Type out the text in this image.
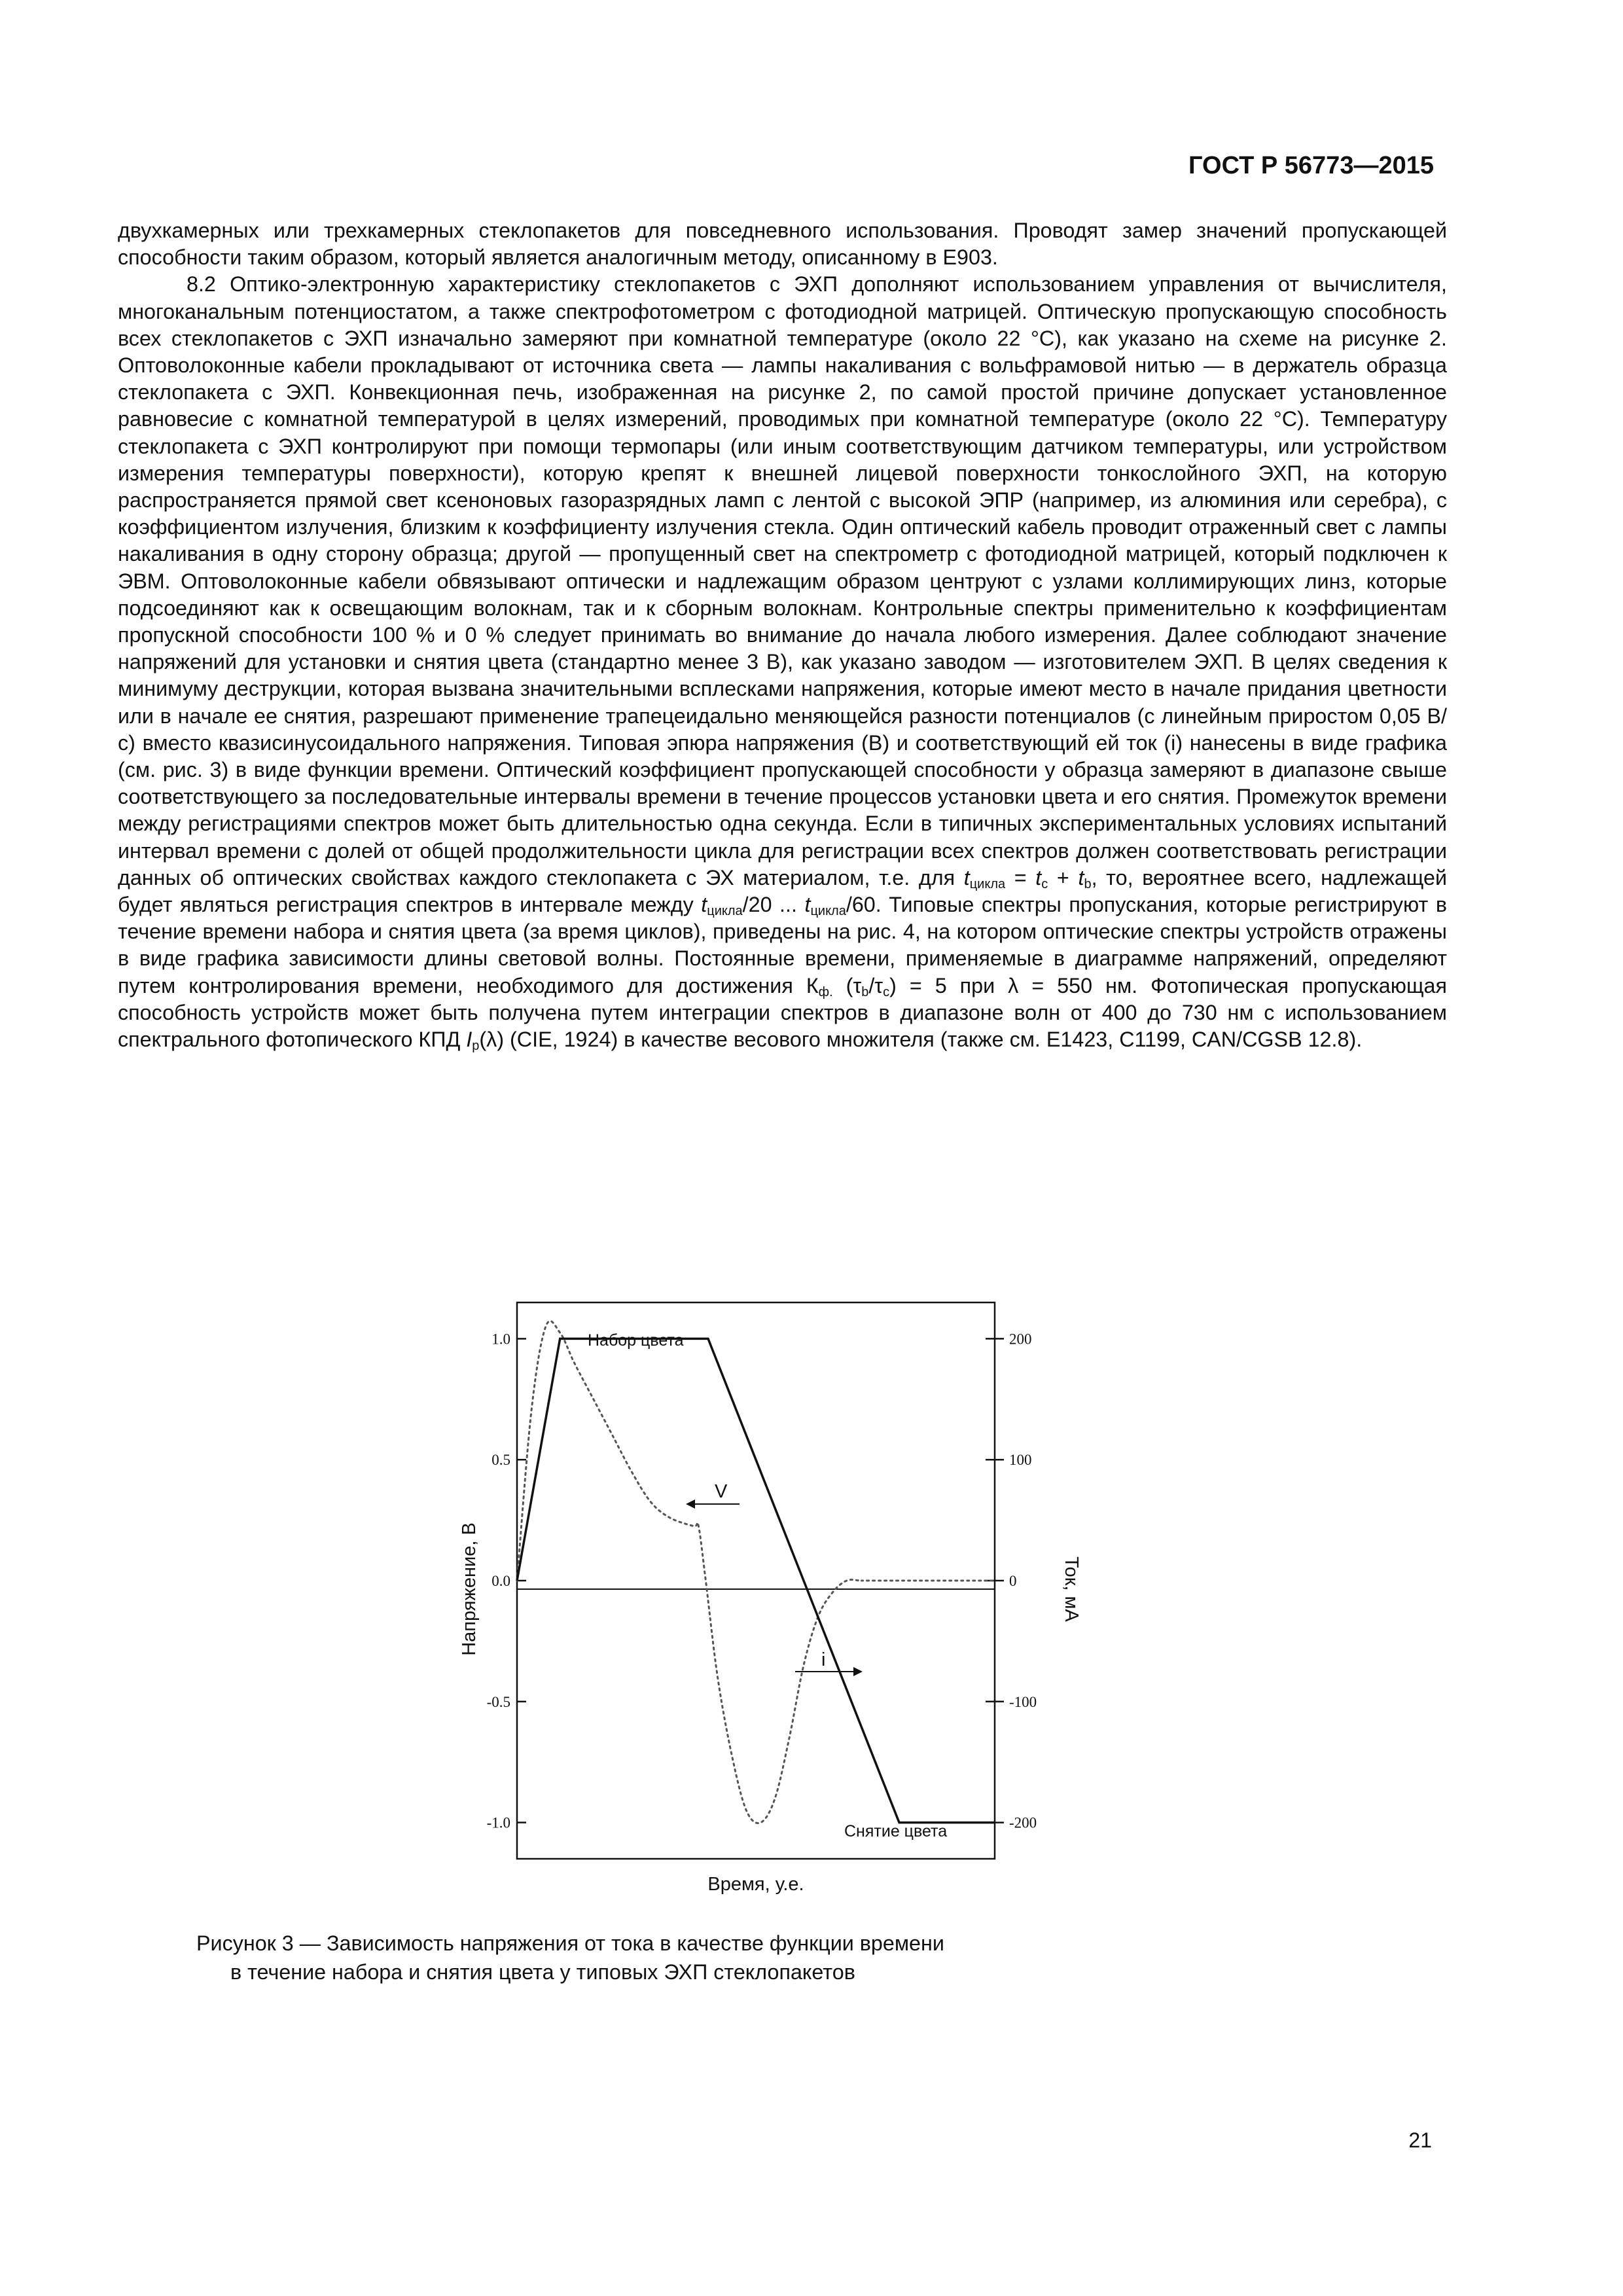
ГОСТ Р 56773—2015

двухкамерных или трехкамерных стеклопакетов для повседневного использования. Проводят замер значений пропускающей способности таким образом, который является аналогичным методу, описанному в Е903.

8.2 Оптико-электронную характеристику стеклопакетов с ЭХП дополняют использованием управления от вычислителя, многоканальным потенциостатом, а также спектрофотометром с фотодиодной матрицей. Оптическую пропускающую способность всех стеклопакетов с ЭХП изначально замеряют при комнатной температуре (около 22 °С), как указано на схеме на рисунке 2. Оптоволоконные кабели прокладывают от источника света — лампы накаливания с вольфрамовой нитью — в держатель образца стеклопакета с ЭХП. Конвекционная печь, изображенная на рисунке 2, по самой простой причине допускает установленное равновесие с комнатной температурой в целях измерений, проводимых при комнатной температуре (около 22 °С). Температуру стеклопакета с ЭХП контролируют при помощи термопары (или иным соответствующим датчиком температуры, или устройством измерения температуры поверхности), которую крепят к внешней лицевой поверхности тонкослойного ЭХП, на которую распространяется прямой свет ксеноновых газоразрядных ламп с лентой с высокой ЭПР (например, из алюминия или серебра), с коэффициентом излучения, близким к коэффициенту излучения стекла. Один оптический кабель проводит отраженный свет с лампы накаливания в одну сторону образца; другой — пропущенный свет на спектрометр с фотодиодной матрицей, который подключен к ЭВМ. Оптоволоконные кабели обвязывают оптически и надлежащим образом центруют с узлами коллимирующих линз, которые подсоединяют как к освещающим волокнам, так и к сборным волокнам. Контрольные спектры применительно к коэффициентам пропускной способности 100 % и 0 % следует принимать во внимание до начала любого измерения. Далее соблюдают значение напряжений для установки и снятия цвета (стандартно менее 3 В), как указано заводом — изготовителем ЭХП. В целях сведения к минимуму деструкции, которая вызвана значительными всплесками напряжения, которые имеют место в начале придания цветности или в начале ее снятия, разрешают применение трапецеидально меняющейся разности потенциалов (с линейным приростом 0,05 В/с) вместо квазисинусоидального напряжения. Типовая эпюра напряжения (В) и соответствующий ей ток (i) нанесены в виде графика (см. рис. 3) в виде функции времени. Оптический коэффициент пропускающей способности у образца замеряют в диапазоне свыше соответствующего за последовательные интервалы времени в течение процессов установки цвета и его снятия. Промежуток времени между регистрациями спектров может быть длительностью одна секунда. Если в типичных экспериментальных условиях испытаний интервал времени с долей от общей продолжительности цикла для регистрации всех спектров должен соответствовать регистрации данных об оптических свойствах каждого стеклопакета с ЭХ материалом, т.е. для $t_{цикла} = t_c + t_b$, то, вероятнее всего, надлежащей будет являться регистрация спектров в интервале между $t_{цикла}/20$ ... $t_{цикла}/60$. Типовые спектры пропускания, которые регистрируют в течение времени набора и снятия цвета (за время циклов), приведены на рис. 4, на котором оптические спектры устройств отражены в виде графика зависимости длины световой волны. Постоянные времени, применяемые в диаграмме напряжений, определяют путем контролирования времени, необходимого для достижения $К_{ф.}$ $(\tau_b/\tau_c) = 5$ при λ = 550 нм. Фотопическая пропускающая способность устройств может быть получена путем интеграции спектров в диапазоне волн от 400 до 730 нм с использованием спектрального фотопического КПД $I_p(\lambda)$ (CIE, 1924) в качестве весового множителя (также см. Е1423, С1199, CAN/CGSB 12.8).

1.0
0.5
0.0
-0.5
-1.0
200
100
0
-100
-200
Набор цвета
Снятие цвета
V
i
Напряжение, В	Ток, мА
Время, у.е.
Рисунок 3 — Зависимость напряжения от тока в качестве функции времени
в течение набора и снятия цвета у типовых ЭХП стеклопакетов
21
